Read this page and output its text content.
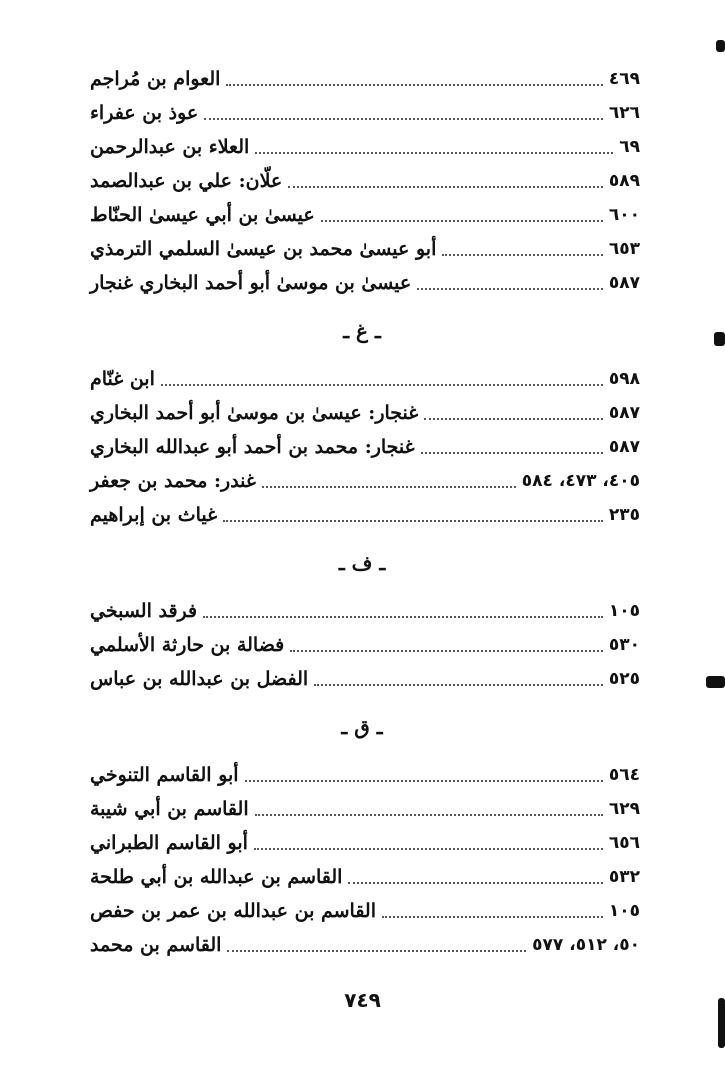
العوام بن مُراجم	٤٦٩
عوذ بن عفراء	٦٢٦
العلاء بن عبدالرحمن	٦٩
علّان: علي بن عبدالصمد	٥٨٩
عيسىٰ بن أبي عيسىٰ الحنّاط	٦٠٠
أبو عيسىٰ محمد بن عيسىٰ السلمي الترمذي	٦٥٣
عيسىٰ بن موسىٰ أبو أحمد البخاري غنجار	٥٨٧
ـ غ ـ
ابن غنّام	٥٩٨
غنجار: عيسىٰ بن موسىٰ أبو أحمد البخاري	٥٨٧
غنجار: محمد بن أحمد أبو عبدالله البخاري	٥٨٧
غندر: محمد بن جعفر	٤٠٥، ٤٧٣، ٥٨٤
غياث بن إبراهيم	٢٣٥
ـ ف ـ
فرقد السبخي	١٠٥
فضالة بن حارثة الأسلمي	٥٣٠
الفضل بن عبدالله بن عباس	٥٢٥
ـ ق ـ
أبو القاسم التنوخي	٥٦٤
القاسم بن أبي شيبة	٦٢٩
أبو القاسم الطبراني	٦٥٦
القاسم بن عبدالله بن أبي طلحة	٥٣٢
القاسم بن عبدالله بن عمر بن حفص	١٠٥
القاسم بن محمد	٥٠، ٥١٢، ٥٧٧
٧٤٩
